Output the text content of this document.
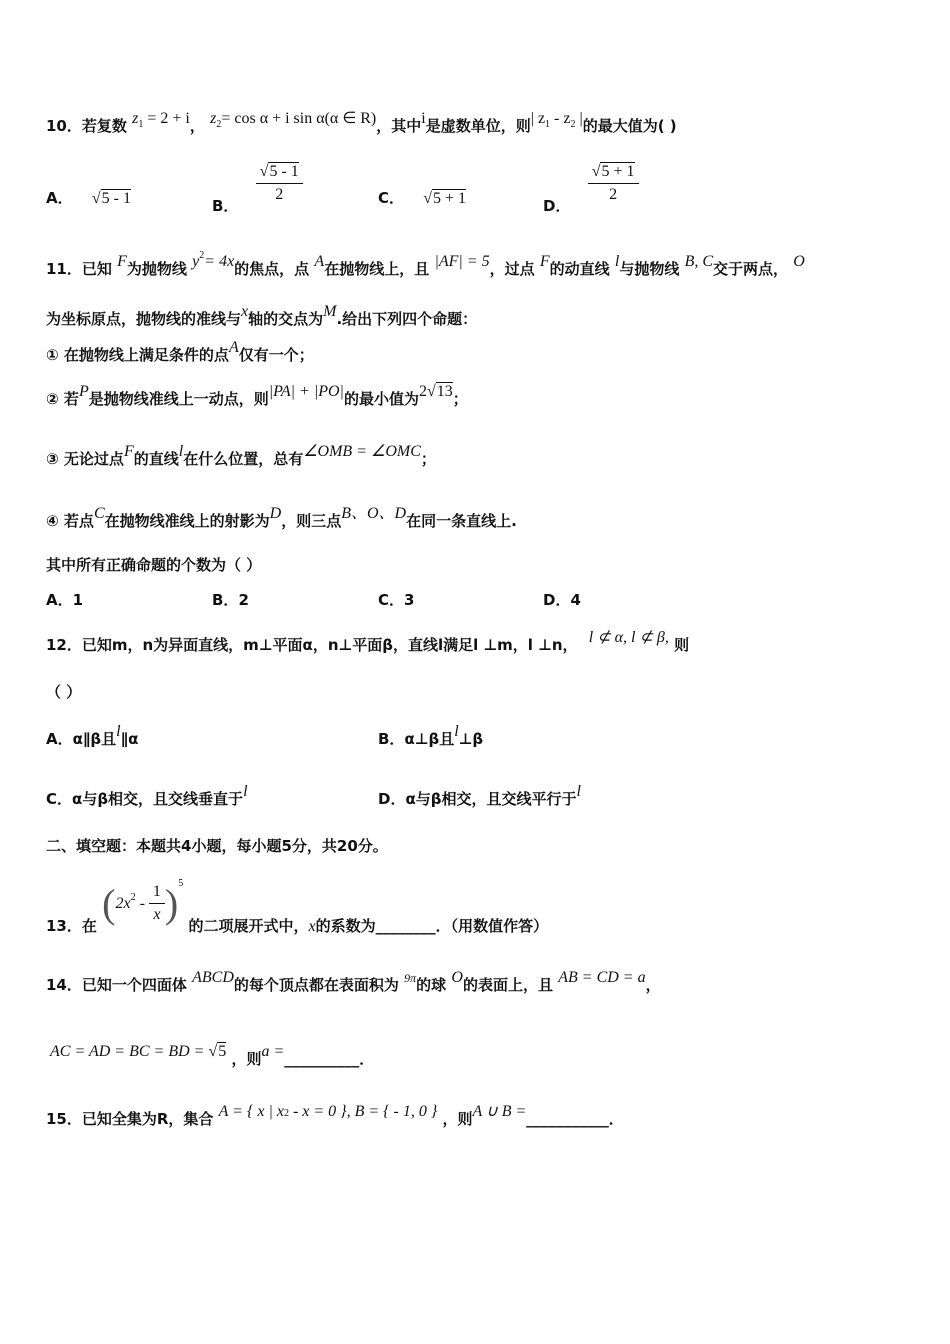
10．若复数 $z_1 = 2 + i$， $z_2= \cos \alpha + i$ sin α(α ∈ R)，其中i是虚数单位，则| $z_1 - z_2$ |的最大值为( )
A． √5 - 1	B．
$\frac{√5 - 1}{2}$	C． √5 + 1	D．
$\frac{√5 + 1}{2}$
11．已知 F为抛物线 $y^2= 4x$的焦点，点 A在抛物线上，且 |AF| = 5，过点 F的动直线 l与抛物线 B, C交于两点， O
为坐标原点，抛物线的准线与x轴的交点为M.给出下列四个命题：
① 在抛物线上满足条件的点A仅有一个；
② 若P是抛物线准线上一动点，则|PA| + |PO|的最小值为2√13；
③ 无论过点F的直线l在什么位置，总有∠OMB = ∠OMC；
④ 若点C在抛物线准线上的射影为D，则三点B、O、D在同一条直线上.
其中所有正确命题的个数为（ ）
A．1	B．2	C．3	D．4
12．已知m，n为异面直线，m⊥平面α，n⊥平面β，直线l满足l ⊥m，l ⊥n， l ⊄ α, l ⊄ β, 则
（ ）
A．α∥β且l∥α	B．α⊥β且l⊥β
C．α与β相交，且交线垂直于l	D．α与β相交，且交线平行于l
二、填空题：本题共4小题，每小题5分，共20分。
13．在 $(2x^2 - \frac{1}{x} )^5$ 的二项展开式中，x的系数为________．（用数值作答）
14．已知一个四面体 ABCD的每个顶点都在表面积为 $^{9\pi}$的球 O的表面上，且 AB = CD = a，
AC = AD = BC = BD = √5 ，则a =__________．
15．已知全集为R，集合 A = { x | $x^2 - x = 0$ }, B = { - 1, 0 } ，则A ∪ B =___________．
